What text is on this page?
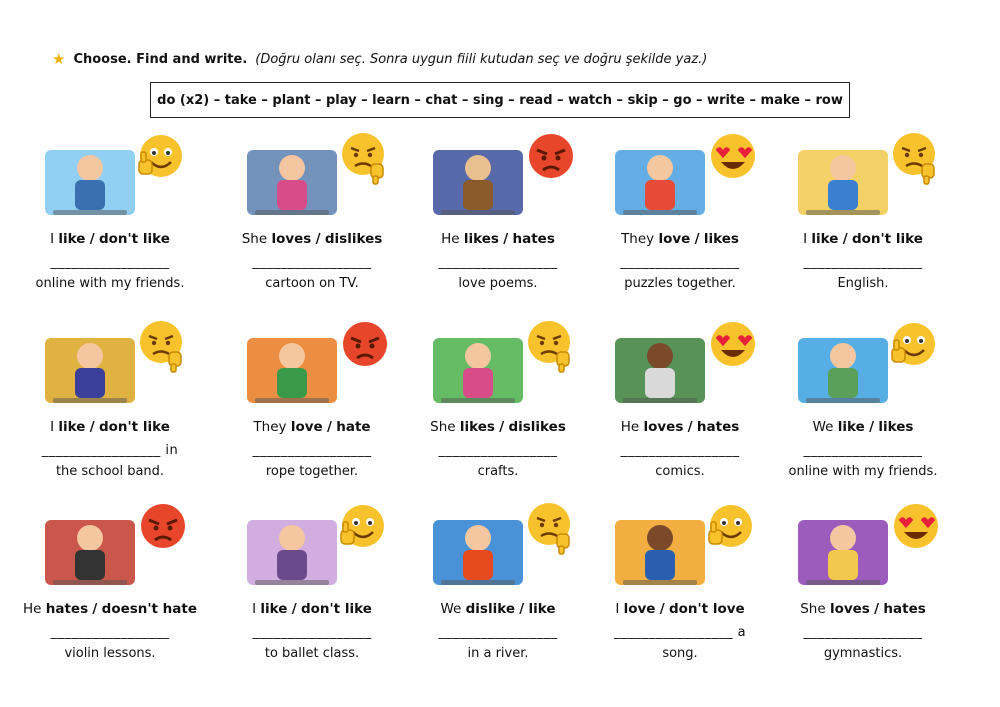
★ Choose. Find and write. (Doğru olanı seç. Sonra uygun fiili kutudan seç ve doğru şekilde yaz.)
do (x2) – take – plant – play – learn – chat – sing – read – watch – skip – go – write – make – row
I like / don't like
_________________
online with my friends.
She loves / dislikes
_________________
cartoon on TV.
He likes / hates
_________________
love poems.
They love / likes
_________________
puzzles together.
I like / don't like
_________________
English.
I like / don't like
_________________ in
the school band.
They love / hate
_________________
rope together.
She likes / dislikes
_________________
crafts.
He loves / hates
_________________
comics.
We like / likes
_________________
online with my friends.
He hates / doesn't hate
_________________
violin lessons.
I like / don't like
_________________
to ballet class.
We dislike / like
_________________
in a river.
I love / don't love
_________________ a
song.
She loves / hates
_________________
gymnastics.
